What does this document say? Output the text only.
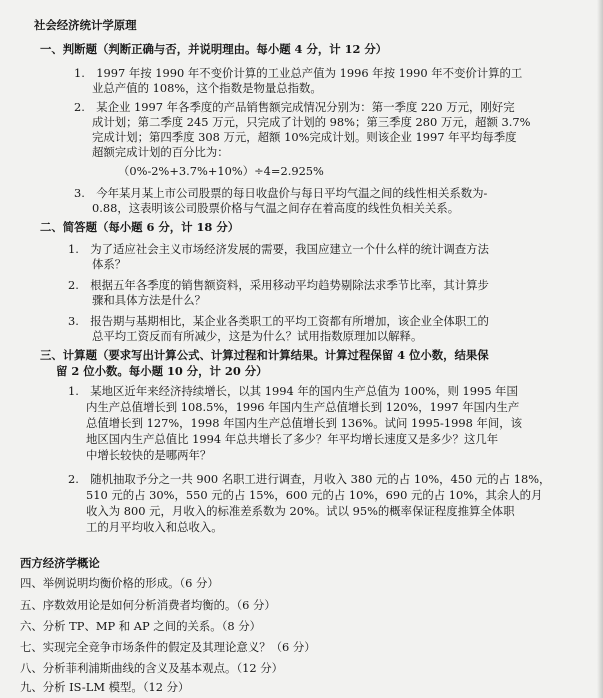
社会经济统计学原理

一、判断题（判断正确与否，并说明理由。每小题 4 分，计 12 分）

1.　1997 年按 1990 年不变价计算的工业总产值为 1996 年按 1990 年不变价计算的工

业总产值的 108%，这个指数是物量总指数。

2.　某企业 1997 年各季度的产品销售额完成情况分别为：第一季度 220 万元，刚好完

成计划；第二季度 245 万元，只完成了计划的 98%；第三季度 280 万元，超额 3.7%

完成计划；第四季度 308 万元，超额 10%完成计划。则该企业 1997 年平均每季度

超额完成计划的百分比为：

（0%-2%+3.7%+10%）÷4=2.925%

3.　今年某月某上市公司股票的每日收盘价与每日平均气温之间的线性相关系数为-

0.88，这表明该公司股票价格与气温之间存在着高度的线性负相关关系。

二、简答题（每小题 6 分，计 18 分）

1.　为了适应社会主义市场经济发展的需要，我国应建立一个什么样的统计调查方法

体系？

2.　根据五年各季度的销售额资料，采用移动平均趋势剔除法求季节比率，其计算步

骤和具体方法是什么？

3.　报告期与基期相比，某企业各类职工的平均工资都有所增加，该企业全体职工的

总平均工资反而有所减少，这是为什么？试用指数原理加以解释。

三、计算题（要求写出计算公式、计算过程和计算结果。计算过程保留 4 位小数，结果保

留 2 位小数。每小题 10 分，计 20 分）

1.　某地区近年来经济持续增长，以其 1994 年的国内生产总值为 100%，则 1995 年国

内生产总值增长到 108.5%，1996 年国内生产总值增长到 120%，1997 年国内生产

总值增长到 127%，1998 年国内生产总值增长到 136%。试问 1995-1998 年间，该

地区国内生产总值比 1994 年总共增长了多少？年平均增长速度又是多少？这几年

中增长较快的是哪两年？

2.　随机抽取予分之一共 900 名职工进行调查，月收入 380 元的占 10%，450 元的占 18%，

510 元的占 30%，550 元的占 15%，600 元的占 10%，690 元的占 10%，其余人的月

收入为 800 元，月收入的标准差系数为 20%。试以 95%的概率保证程度推算全体职

工的月平均收入和总收入。

西方经济学概论

四、举例说明均衡价格的形成。（6 分）

五、序数效用论是如何分析消费者均衡的。（6 分）

六、分析 TP、MP 和 AP 之间的关系。（8 分）

七、实现完全竞争市场条件的假定及其理论意义？（6 分）

八、分析菲利浦斯曲线的含义及基本观点。（12 分）

九、分析 IS-LM 模型。（12 分）
